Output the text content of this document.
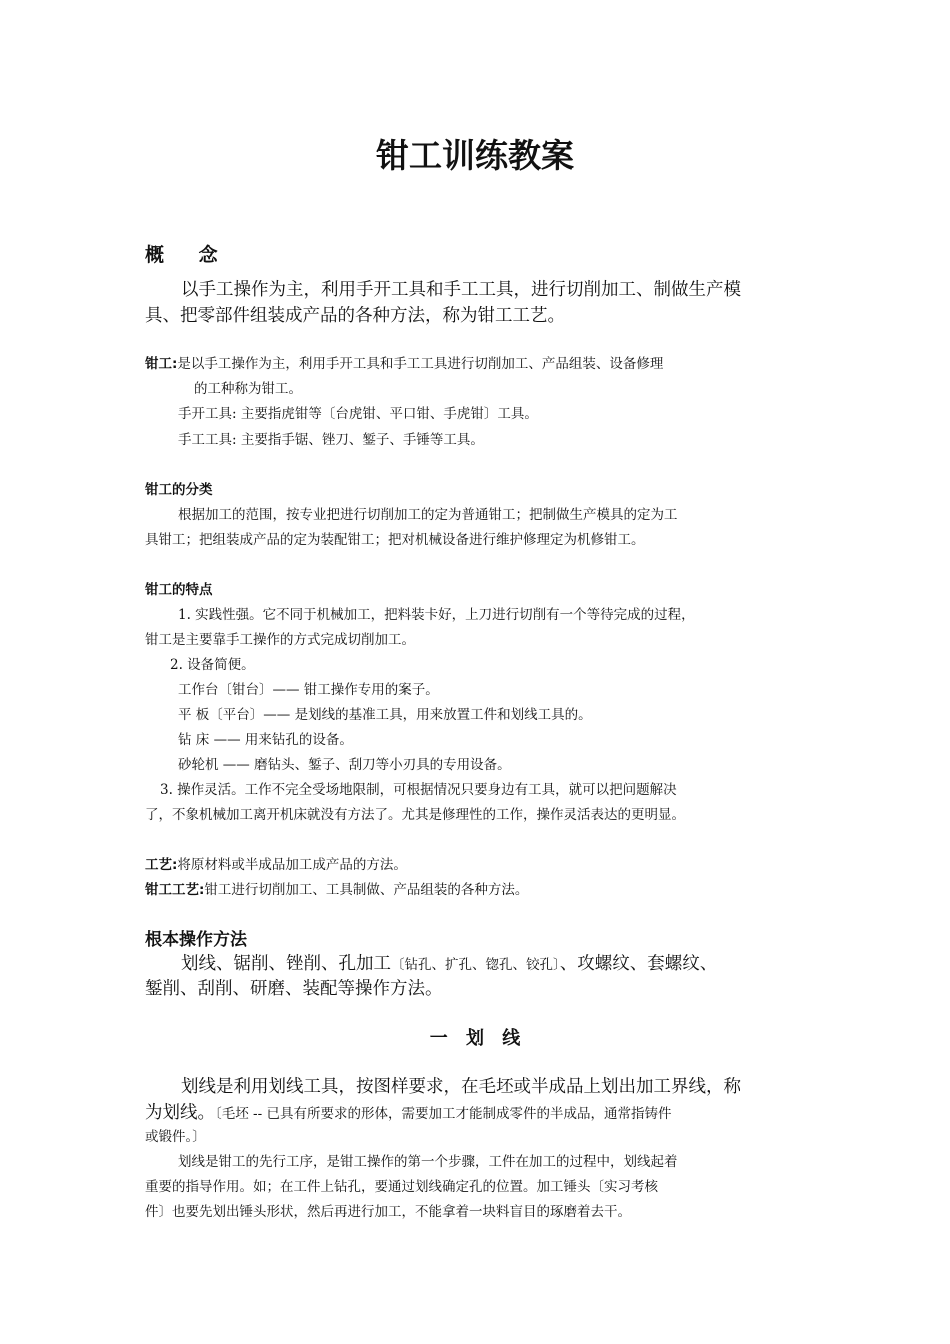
钳工训练教案
概 念
以手工操作为主，利用手开工具和手工工具，进行切削加工、制做生产模
具、把零部件组装成产品的各种方法，称为钳工工艺。
钳工:是以手工操作为主，利用手开工具和手工工具进行切削加工、产品组装、设备修理
的工种称为钳工。
手开工具: 主要指虎钳等〔台虎钳、平口钳、手虎钳〕工具。
手工工具: 主要指手锯、锉刀、錾子、手锤等工具。
钳工的分类
根据加工的范围，按专业把进行切削加工的定为普通钳工；把制做生产模具的定为工
具钳工；把组装成产品的定为装配钳工；把对机械设备进行维护修理定为机修钳工。
钳工的特点
1. 实践性强。它不同于机械加工，把料装卡好，上刀进行切削有一个等待完成的过程，
钳工是主要靠手工操作的方式完成切削加工。
2. 设备简便。
工作台〔钳台〕—— 钳工操作专用的案子。
平 板〔平台〕—— 是划线的基准工具，用来放置工件和划线工具的。
钻 床 —— 用来钻孔的设备。
砂轮机 —— 磨钻头、錾子、刮刀等小刃具的专用设备。
3. 操作灵活。工作不完全受场地限制，可根据情况只要身边有工具，就可以把问题解决
了，不象机械加工离开机床就没有方法了。尤其是修理性的工作，操作灵活表达的更明显。
工艺:将原材料或半成品加工成产品的方法。
钳工工艺:钳工进行切削加工、工具制做、产品组装的各种方法。
根本操作方法
划线、锯削、锉削、孔加工〔钻孔、扩孔、锪孔、铰孔〕、攻螺纹、套螺纹、
錾削、刮削、研磨、装配等操作方法。
一 划 线
划线是利用划线工具，按图样要求，在毛坯或半成品上划出加工界线，称
为划线。〔毛坯 -- 已具有所要求的形体，需要加工才能制成零件的半成品，通常指铸件
或锻件。〕
划线是钳工的先行工序，是钳工操作的第一个步骤，工件在加工的过程中，划线起着
重要的指导作用。如；在工件上钻孔，要通过划线确定孔的位置。加工锤头〔实习考核
件〕也要先划出锤头形状，然后再进行加工，不能拿着一块料盲目的琢磨着去干。
